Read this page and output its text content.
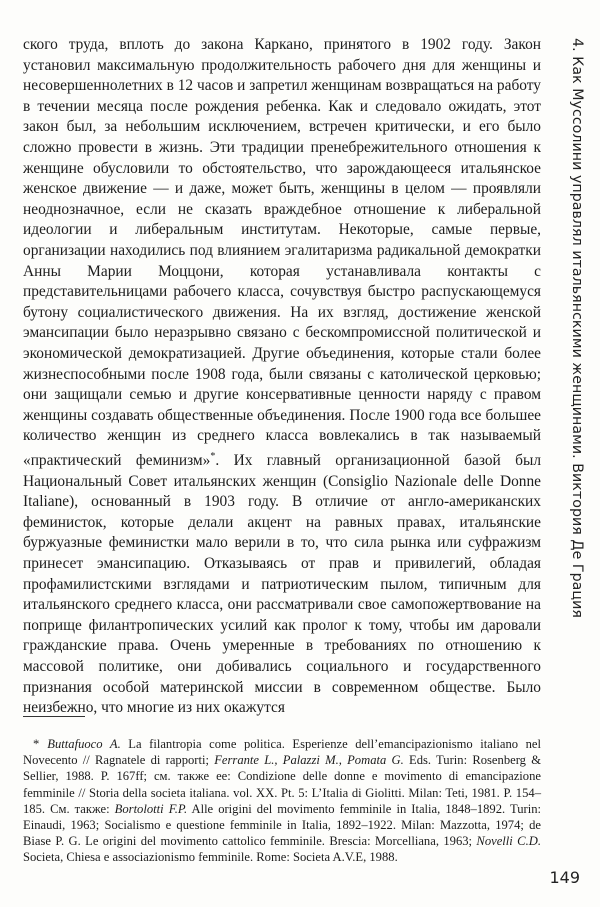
ского труда, вплоть до закона Каркано, принятого в 1902 году. Закон установил максимальную продолжительность рабочего дня для женщины и несовершеннолетних в 12 часов и запретил женщинам возвращаться на работу в течении месяца после рождения ребенка. Как и следовало ожидать, этот закон был, за небольшим исключением, встречен критически, и его было сложно провести в жизнь. Эти традиции пренебрежительного отношения к женщине обусловили то обстоятельство, что зарождающееся итальянское женское движение — и даже, может быть, женщины в целом — проявляли неоднозначное, если не сказать враждебное отношение к либеральной идеологии и либеральным институтам. Некоторые, самые первые, организации находились под влиянием эгалитаризма радикальной демократки Анны Марии Моццони, которая устанавливала контакты с представительницами рабочего класса, сочувствуя быстро распускающемуся бутону социалистического движения. На их взгляд, достижение женской эмансипации было неразрывно связано с бескомпромиссной политической и экономической демократизацией. Другие объединения, которые стали более жизнеспособными после 1908 года, были связаны с католической церковью; они защищали семью и другие консервативные ценности наряду с правом женщины создавать общественные объединения. После 1900 года все большее количество женщин из среднего класса вовлекались в так называемый «практический феминизм»*. Их главный организационной базой был Национальный Совет итальянских женщин (Consiglio Nazionale delle Donne Italiane), основанный в 1903 году. В отличие от англо-американских феминисток, которые делали акцент на равных правах, итальянские буржуазные феминистки мало верили в то, что сила рынка или суфражизм принесет эмансипацию. Отказываясь от прав и привилегий, обладая профамилистскими взглядами и патриотическим пылом, типичным для итальянского среднего класса, они рассматривали свое самопожертвование на поприще филантропических усилий как пролог к тому, чтобы им даровали гражданские права. Очень умеренные в требованиях по отношению к массовой политике, они добивались социального и государственного признания особой материнской миссии в современном обществе. Было неизбежно, что многие из них окажутся

* Buttafuoco A. La filantropia come politica. Esperienze dell’emancipazionismo italiano nel Novecento // Ragnatele di rapporti; Ferrante L., Palazzi M., Pomata G. Eds. Turin: Rosenberg & Sellier, 1988. P. 167ff; см. также ее: Condizione delle donne e movimento di emancipazione femminile // Storia della societa italiana. vol. XX. Pt. 5: L’Italia di Giolitti. Milan: Teti, 1981. P. 154–185. См. также: Bortolotti F.P. Alle origini del movimento femminile in Italia, 1848–1892. Turin: Einaudi, 1963; Socialismo e questione femminile in Italia, 1892–1922. Milan: Mazzotta, 1974; de Biase P. G. Le origini del movimento cattolico femminile. Brescia: Morcelliana, 1963; Novelli C.D. Societa, Chiesa e associazionismo femminile. Rome: Societa A.V.E, 1988.

4. Как Муссолини управлял итальянскими женщинами. Виктория Де Грация
149
